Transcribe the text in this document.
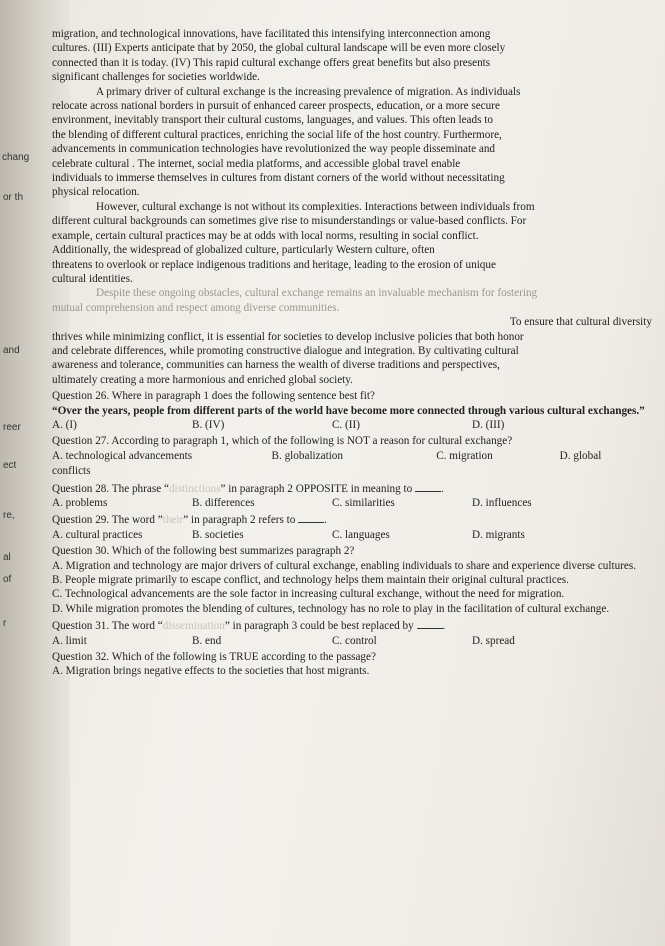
chang
or th
and
reer
ect
re,
al
of
r

migration, and technological innovations, have facilitated this intensifying interconnection among

cultures. (III) Experts anticipate that by 2050, the global cultural landscape will be even more closely

connected than it is today. (IV) This rapid cultural exchange offers great benefits but also presents

significant challenges for societies worldwide.

A primary driver of cultural exchange is the increasing prevalence of migration. As individuals

relocate across national borders in pursuit of enhanced career prospects, education, or a more secure

environment, inevitably transport their cultural customs, languages, and values. This often leads to

the blending of different cultural practices, enriching the social life of the host country. Furthermore,

advancements in communication technologies have revolutionized the way people disseminate and

celebrate cultural . The internet, social media platforms, and accessible global travel enable

individuals to immerse themselves in cultures from distant corners of the world without necessitating

physical relocation.

However, cultural exchange is not without its complexities. Interactions between individuals from

different cultural backgrounds can sometimes give rise to misunderstandings or value-based conflicts. For

example, certain cultural practices may be at odds with local norms, resulting in social conflict.

Additionally, the widespread of globalized culture, particularly Western culture, often

threatens to overlook or replace indigenous traditions and heritage, leading to the erosion of unique

cultural identities.

Despite these ongoing obstacles, cultural exchange remains an invaluable mechanism for fostering

mutual comprehension and respect among diverse communities.

To ensure that cultural diversity

thrives while minimizing conflict, it is essential for societies to develop inclusive policies that both honor

and celebrate differences, while promoting constructive dialogue and integration. By cultivating cultural

awareness and tolerance, communities can harness the wealth of diverse traditions and perspectives,

ultimately creating a more harmonious and enriched global society.

Question 26. Where in paragraph 1 does the following sentence best fit?

“Over the years, people from different parts of the world have become more connected through various cultural exchanges.”

A. (I)	B. (IV)	C. (II)	D. (III)

Question 27. According to paragraph 1, which of the following is NOT a reason for cultural exchange?

A. technological advancements	B. globalization	C. migration	D. global

conflicts

Question 28. The phrase “distinctions” in paragraph 2 OPPOSITE in meaning to	.

A. problems	B. differences	C. similarities	D. influences

Question 29. The word ”their” in paragraph 2 refers to	.

A. cultural practices	B. societies	C. languages	D. migrants

Question 30. Which of the following best summarizes paragraph 2?

A. Migration and technology are major drivers of cultural exchange, enabling individuals to share and experience diverse cultures.

B. People migrate primarily to escape conflict, and technology helps them maintain their original cultural practices.

C. Technological advancements are the sole factor in increasing cultural exchange, without the need for migration.

D. While migration promotes the blending of cultures, technology has no role to play in the facilitation of cultural exchange.

Question 31. The word “dissemination” in paragraph 3 could be best replaced by	.

A. limit	B. end	C. control	D. spread

Question 32. Which of the following is TRUE according to the passage?

A. Migration brings negative effects to the societies that host migrants.
